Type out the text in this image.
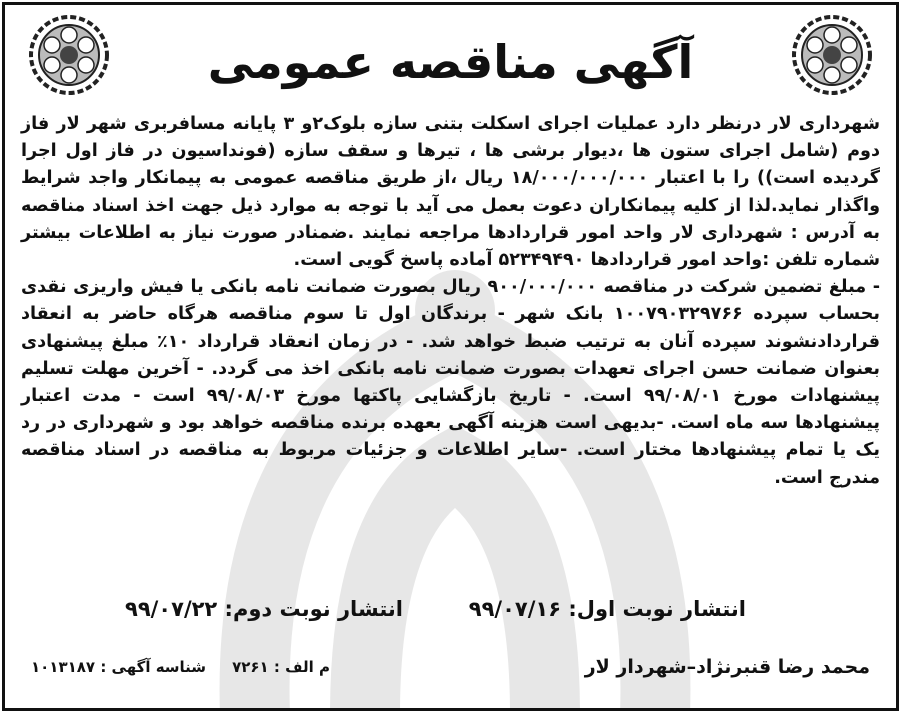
آگهی مناقصه عمومی

شهرداری لار درنظر دارد عملیات اجرای اسکلت بتنی سازه بلوک۲و ۳ پایانه مسافربری شهر لار فاز دوم (شامل اجرای ستون ها ،دیوار برشی ها ، تیرها و سقف سازه (فونداسیون در فاز اول اجرا گردیده است)) را با اعتبار ۱۸/۰۰۰/۰۰۰/۰۰۰ ریال ،از طریق مناقصه عمومی به پیمانکار واجد شرایط واگذار نماید.لذا از کلیه پیمانکاران دعوت بعمل می آید با توجه به موارد ذیل جهت اخذ اسناد مناقصه به آدرس : شهرداری لار واحد امور قراردادها مراجعه نمایند .ضمنادر صورت نیاز به اطلاعات بیشتر شماره تلفن :واحد امور قراردادها ۵۲۳۴۹۴۹۰ آماده پاسخ گویی است.

- مبلغ تضمین شرکت در مناقصه ۹۰۰/۰۰۰/۰۰۰ ریال بصورت ضمانت نامه بانکی یا فیش واریزی نقدی بحساب سپرده ۱۰۰۷۹۰۳۲۹۷۶۶ بانک شهر - برندگان اول تا سوم مناقصه هرگاه حاضر به انعقاد قراردادنشوند سپرده آنان به ترتیب ضبط خواهد شد. - در زمان انعقاد قرارداد ۱۰٪ مبلغ پیشنهادی بعنوان ضمانت حسن اجرای تعهدات بصورت ضمانت نامه بانکی اخذ می گردد. - آخرین مهلت تسلیم پیشنهادات مورخ ۹۹/۰۸/۰۱ است. - تاریخ بازگشایی پاکتها مورخ ۹۹/۰۸/۰۳ است - مدت اعتبار پیشنهادها سه ماه است. -بدیهی است هزینه آگهی بعهده برنده مناقصه خواهد بود و شهرداری در رد یک یا تمام پیشنهادها مختار است. -سایر اطلاعات و جزئیات مربوط به مناقصه در اسناد مناقصه مندرج است.

انتشار نوبت اول: ۹۹/۰۷/۱۶
انتشار نوبت دوم: ۹۹/۰۷/۲۲
محمد رضا قنبرنژاد–شهردار لار
م الف : ۷۲۶۱
شناسه آگهی : ۱۰۱۳۱۸۷
